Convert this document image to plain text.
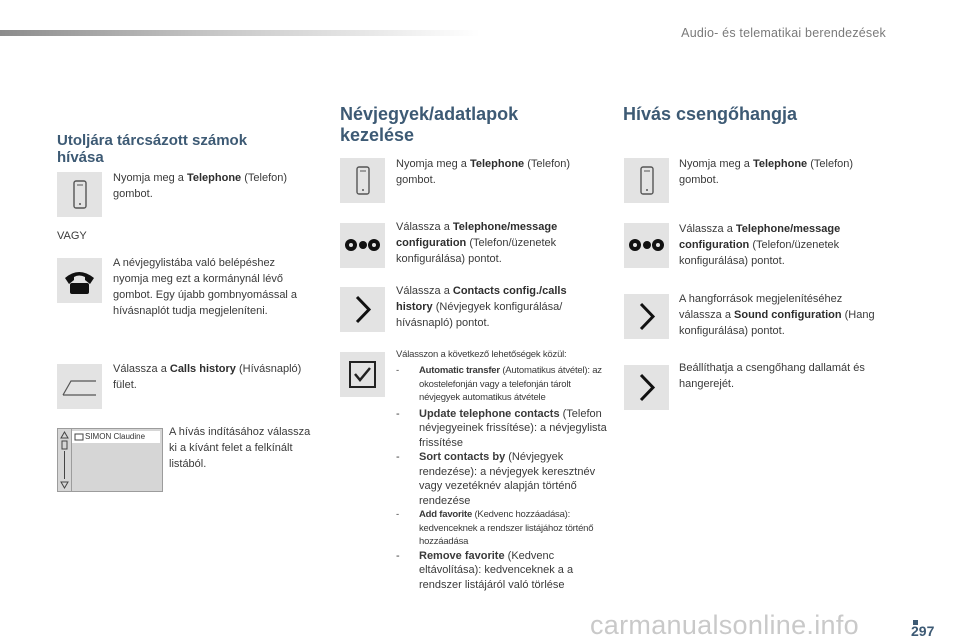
Audio- és telematikai berendezések
Utoljára tárcsázott számok hívása
Nyomja meg a Telephone (Telefon) gombot.
VAGY
A névjegylistába való belépéshez nyomja meg ezt a kormánynál lévő gombot. Egy újabb gombnyomással a hívásnaplót tudja megjeleníteni.
Válassza a Calls history (Hívásnapló) fület.
SIMON Claudine A hívás indításához válassza ki a kívánt felet a felkínált listából.
Névjegyek/adatlapok kezelése
Nyomja meg a Telephone (Telefon) gombot.
Válassza a Telephone/message configuration (Telefon/üzenetek konfigurálása) pontot.
Válassza a Contacts config./calls history (Névjegyek konfigurálása/ hívásnapló) pontot.
Válasszon a következő lehetőségek közül:
- Automatic transfer (Automatikus átvétel): az okostelefonján vagy a telefonján tárolt névjegyek automatikus átvétele
- Update telephone contacts (Telefon névjegyeinek frissítése): a névjegylista frissítése
- Sort contacts by (Névjegyek rendezése): a névjegyek keresztnév vagy vezetéknév alapján történő rendezése
- Add favorite (Kedvenc hozzáadása): kedvenceknek a rendszer listájához történő hozzáadása
- Remove favorite (Kedvenc eltávolítása): kedvenceknek a a rendszer listájáról való törlése
Hívás csengőhangja
Nyomja meg a Telephone (Telefon) gombot.
Válassza a Telephone/message configuration (Telefon/üzenetek konfigurálása) pontot.
A hangforrások megjelenítéséhez válassza a Sound configuration (Hang konfigurálása) pontot.
Beállíthatja a csengőhang dallamát és hangerejét.
carmanualsonline.info	297
